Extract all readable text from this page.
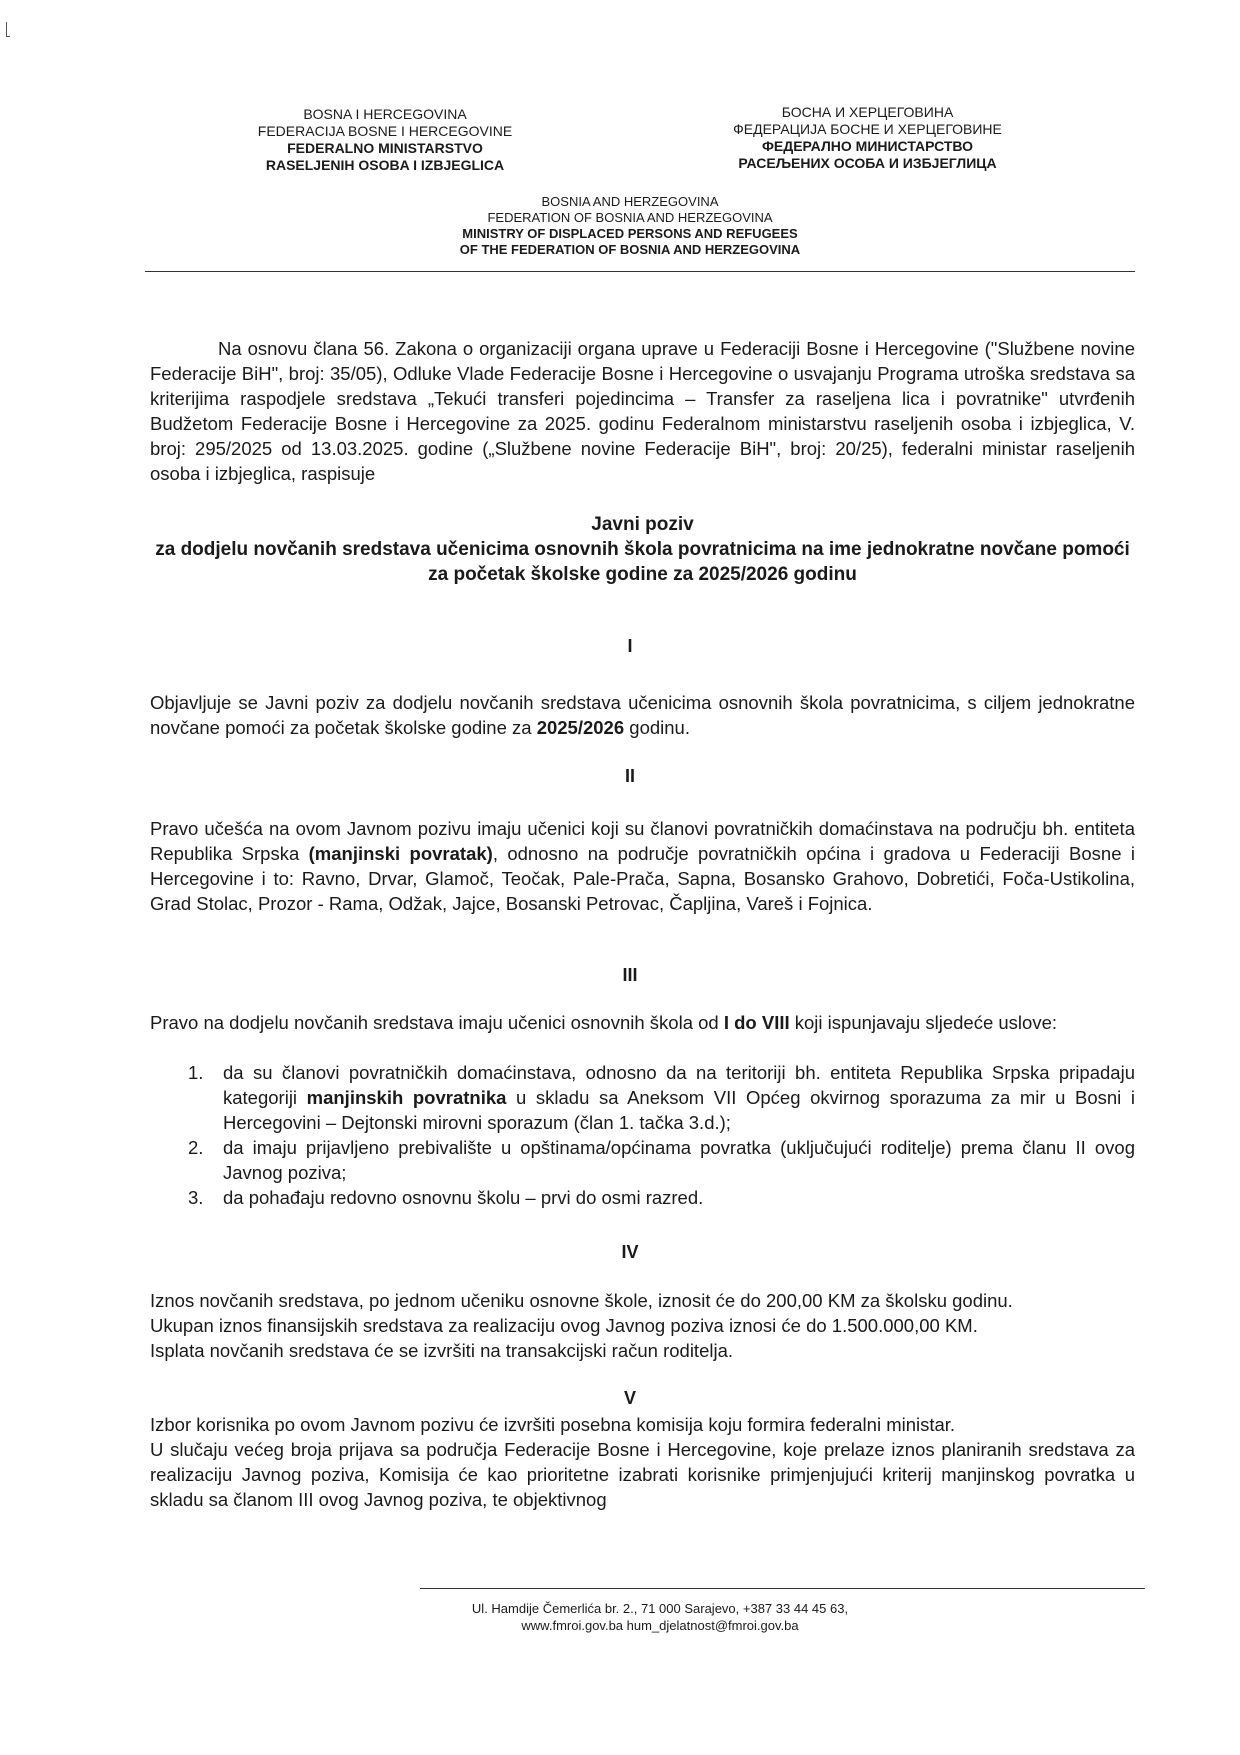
BOSNA I HERCEGOVINA
FEDERACIJA BOSNE I HERCEGOVINE
FEDERALNO MINISTARSTVO
RASELJENIH OSOBA I IZBJEGLICA
БОСНА И ХЕРЦЕГОВИНА
ФЕДЕРАЦИЈА БОСНЕ И ХЕРЦЕГОВИНЕ
ФЕДЕРАЛНО МИНИСТАРСТВО
РАСЕЉЕНИХ ОСОБА И ИЗБЈЕГЛИЦА
BOSNIA AND HERZEGOVINA
FEDERATION OF BOSNIA AND HERZEGOVINA
MINISTRY OF DISPLACED PERSONS AND REFUGEES
OF THE FEDERATION OF BOSNIA AND HERZEGOVINA

Na osnovu člana 56. Zakona o organizaciji organa uprave u Federaciji Bosne i Hercegovine ("Službene novine Federacije BiH", broj: 35/05), Odluke Vlade Federacije Bosne i Hercegovine o usvajanju Programa utroška sredstava sa kriterijima raspodjele sredstava „Tekući transferi pojedincima – Transfer za raseljena lica i povratnike" utvrđenih Budžetom Federacije Bosne i Hercegovine za 2025. godinu Federalnom ministarstvu raseljenih osoba i izbjeglica, V. broj: 295/2025 od 13.03.2025. godine („Službene novine Federacije BiH", broj: 20/25), federalni ministar raseljenih osoba i izbjeglica, raspisuje

Javni poziv
za dodjelu novčanih sredstava učenicima osnovnih škola povratnicima na ime jednokratne novčane pomoći za početak školske godine za 2025/2026 godinu
I

Objavljuje se Javni poziv za dodjelu novčanih sredstava učenicima osnovnih škola povratnicima, s ciljem jednokratne novčane pomoći za početak školske godine za 2025/2026 godinu.

II

Pravo učešća na ovom Javnom pozivu imaju učenici koji su članovi povratničkih domaćinstava na području bh. entiteta Republika Srpska (manjinski povratak), odnosno na područje povratničkih općina i gradova u Federaciji Bosne i Hercegovine i to: Ravno, Drvar, Glamoč, Teočak, Pale-Prača, Sapna, Bosansko Grahovo, Dobretići, Foča-Ustikolina, Grad Stolac, Prozor - Rama, Odžak, Jajce, Bosanski Petrovac, Čapljina, Vareš i Fojnica.

III

Pravo na dodjelu novčanih sredstava imaju učenici osnovnih škola od I do VIII koji ispunjavaju sljedeće uslove:

1. da su članovi povratničkih domaćinstava, odnosno da na teritoriji bh. entiteta Republika Srpska pripadaju kategoriji manjinskih povratnika u skladu sa Aneksom VII Općeg okvirnog sporazuma za mir u Bosni i Hercegovini – Dejtonski mirovni sporazum (član 1. tačka 3.d.);
2. da imaju prijavljeno prebivalište u opštinama/općinama povratka (uključujući roditelje) prema članu II ovog Javnog poziva;
3. da pohađaju redovno osnovnu školu – prvi do osmi razred.
IV

Iznos novčanih sredstava, po jednom učeniku osnovne škole, iznosit će do 200,00 KM za školsku godinu.

Ukupan iznos finansijskih sredstava za realizaciju ovog Javnog poziva iznosi će do 1.500.000,00 KM.

Isplata novčanih sredstava će se izvršiti na transakcijski račun roditelja.

V

Izbor korisnika po ovom Javnom pozivu će izvršiti posebna komisija koju formira federalni ministar.

U slučaju većeg broja prijava sa područja Federacije Bosne i Hercegovine, koje prelaze iznos planiranih sredstava za realizaciju Javnog poziva, Komisija će kao prioritetne izabrati korisnike primjenjujući kriterij manjinskog povratka u skladu sa članom III ovog Javnog poziva, te objektivnog

Ul. Hamdije Čemerlića br. 2., 71 000 Sarajevo, +387 33 44 45 63,
www.fmroi.gov.ba hum_djelatnost@fmroi.gov.ba
